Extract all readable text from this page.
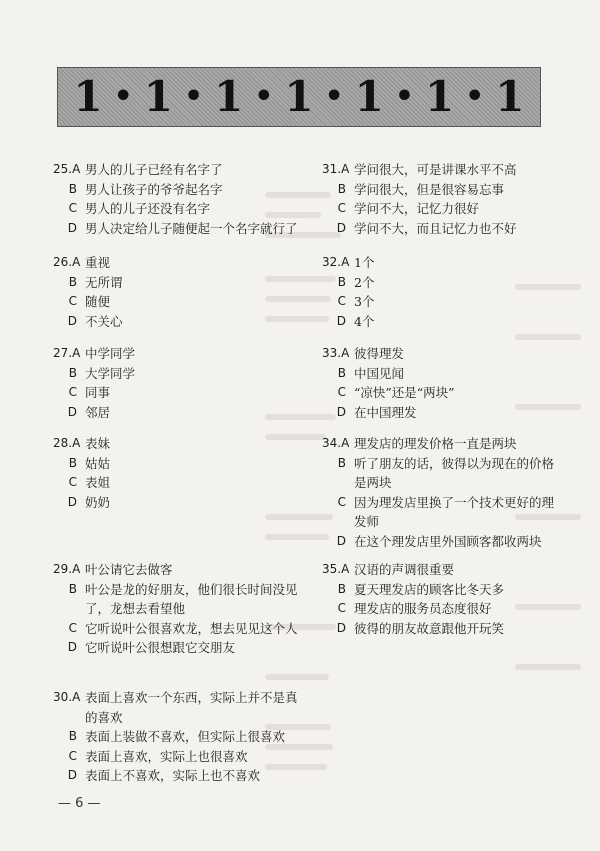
1 • 1 • 1 • 1 • 1 • 1 • 1
25.A 男人的儿子已经有名字了
B 男人让孩子的爷爷起名字
C 男人的儿子还没有名字
D 男人决定给儿子随便起一个名字就行了
26.A 重视
B 无所谓
C 随便
D 不关心
27.A 中学同学
B 大学同学
C 同事
D 邻居
28.A 表妹
B 姑姑
C 表姐
D 奶奶
29.A 叶公请它去做客
B 叶公是龙的好朋友，他们很长时间没见了，龙想去看望他
C 它听说叶公很喜欢龙，想去见见这个人
D 它听说叶公很想跟它交朋友
30.A 表面上喜欢一个东西，实际上并不是真的喜欢
B 表面上装做不喜欢，但实际上很喜欢
C 表面上喜欢，实际上也很喜欢
D 表面上不喜欢，实际上也不喜欢
31.A 学问很大，可是讲课水平不高
B 学问很大，但是很容易忘事
C 学问不大，记忆力很好
D 学问不大，而且记忆力也不好
32.A 1个
B 2个
C 3个
D 4个
33.A 彼得理发
B 中国见闻
C “凉快”还是“两块”
D 在中国理发
34.A 理发店的理发价格一直是两块
B 听了朋友的话，彼得以为现在的价格是两块
C 因为理发店里换了一个技术更好的理发师
D 在这个理发店里外国顾客都收两块
35.A 汉语的声调很重要
B 夏天理发店的顾客比冬天多
C 理发店的服务员态度很好
D 彼得的朋友故意跟他开玩笑
— 6 —
